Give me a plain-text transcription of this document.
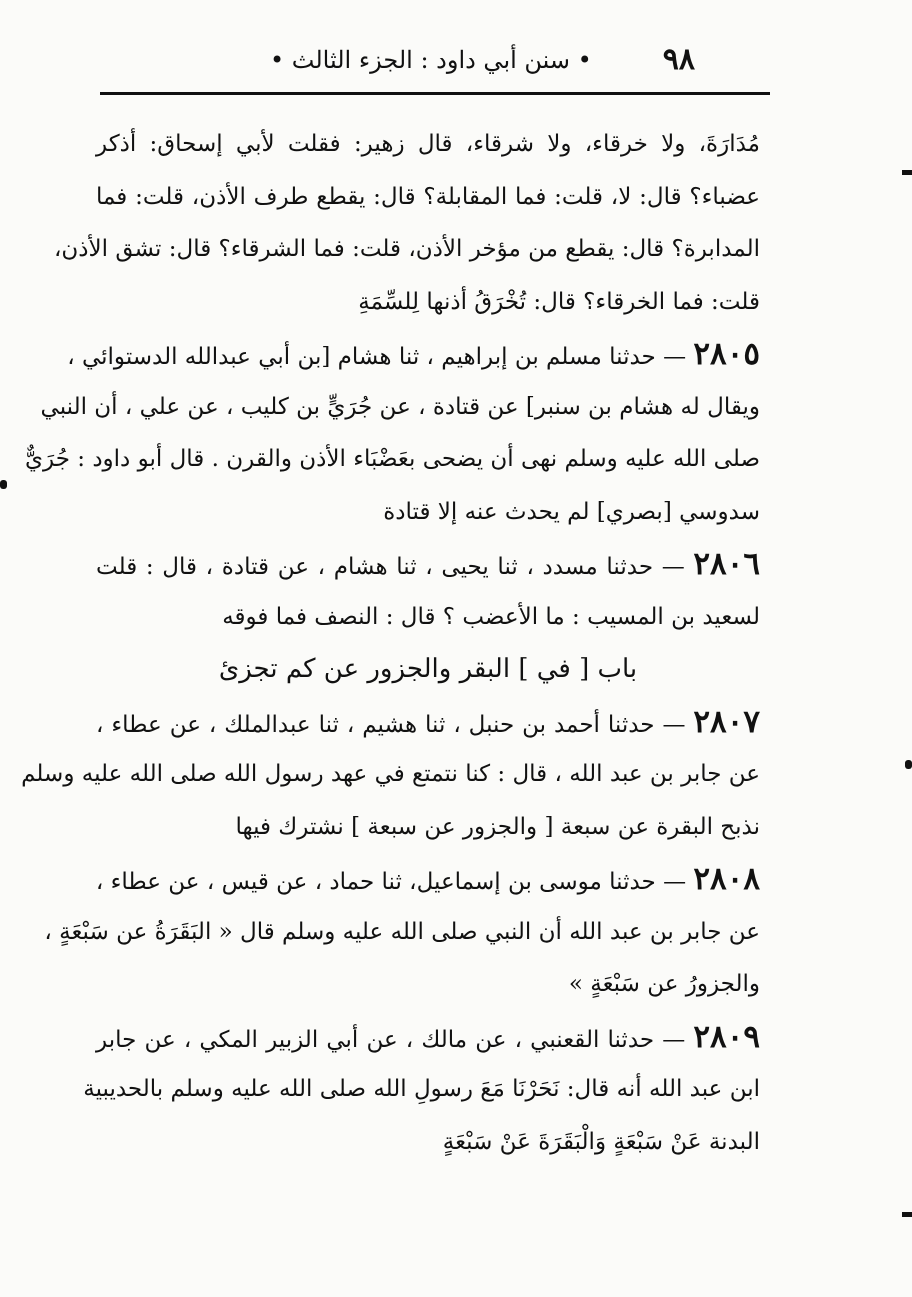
٩٨
• سنن أبي داود : الجزء الثالث •
مُدَارَةَ، ولا خرقاء، ولا شرقاء، قال زهير: فقلت لأبي إسحاق: أذكر
عضباء؟ قال: لا، قلت: فما المقابلة؟ قال: يقطع طرف الأذن، قلت: فما
المدابرة؟ قال: يقطع من مؤخر الأذن، قلت: فما الشرقاء؟ قال: تشق الأذن،
قلت: فما الخرقاء؟ قال: تُخْرَقُ أذنها لِلسِّمَةِ
٢٨٠٥ — حدثنا مسلم بن إبراهيم ، ثنا هشام [بن أبي عبدالله الدستوائي ،
ويقال له هشام بن سنبر] عن قتادة ، عن جُرَيٍّ بن كليب ، عن علي ، أن النبي
صلى الله عليه وسلم نهى أن يضحى بعَضْبَاء الأذن والقرن . قال أبو داود : جُرَيٌّ
سدوسي [بصري] لم يحدث عنه إلا قتادة
٢٨٠٦ — حدثنا مسدد ، ثنا يحيى ، ثنا هشام ، عن قتادة ، قال : قلت
لسعيد بن المسيب : ما الأعضب ؟ قال : النصف فما فوقه
باب [ في ] البقر والجزور عن كم تجزئ
٢٨٠٧ — حدثنا أحمد بن حنبل ، ثنا هشيم ، ثنا عبدالملك ، عن عطاء ،
عن جابر بن عبد الله ، قال : كنا نتمتع في عهد رسول الله صلى الله عليه وسلم
نذبح البقرة عن سبعة [ والجزور عن سبعة ] نشترك فيها
٢٨٠٨ — حدثنا موسى بن إسماعيل، ثنا حماد ، عن قيس ، عن عطاء ،
عن جابر بن عبد الله أن النبي صلى الله عليه وسلم قال « البَقَرَةُ عن سَبْعَةٍ ،
والجزورُ عن سَبْعَةٍ »
٢٨٠٩ — حدثنا القعنبي ، عن مالك ، عن أبي الزبير المكي ، عن جابر
ابن عبد الله أنه قال: نَحَرْنَا مَعَ رسولِ الله صلى الله عليه وسلم بالحديبية
البدنة عَنْ سَبْعَةٍ وَالْبَقَرَةَ عَنْ سَبْعَةٍ
